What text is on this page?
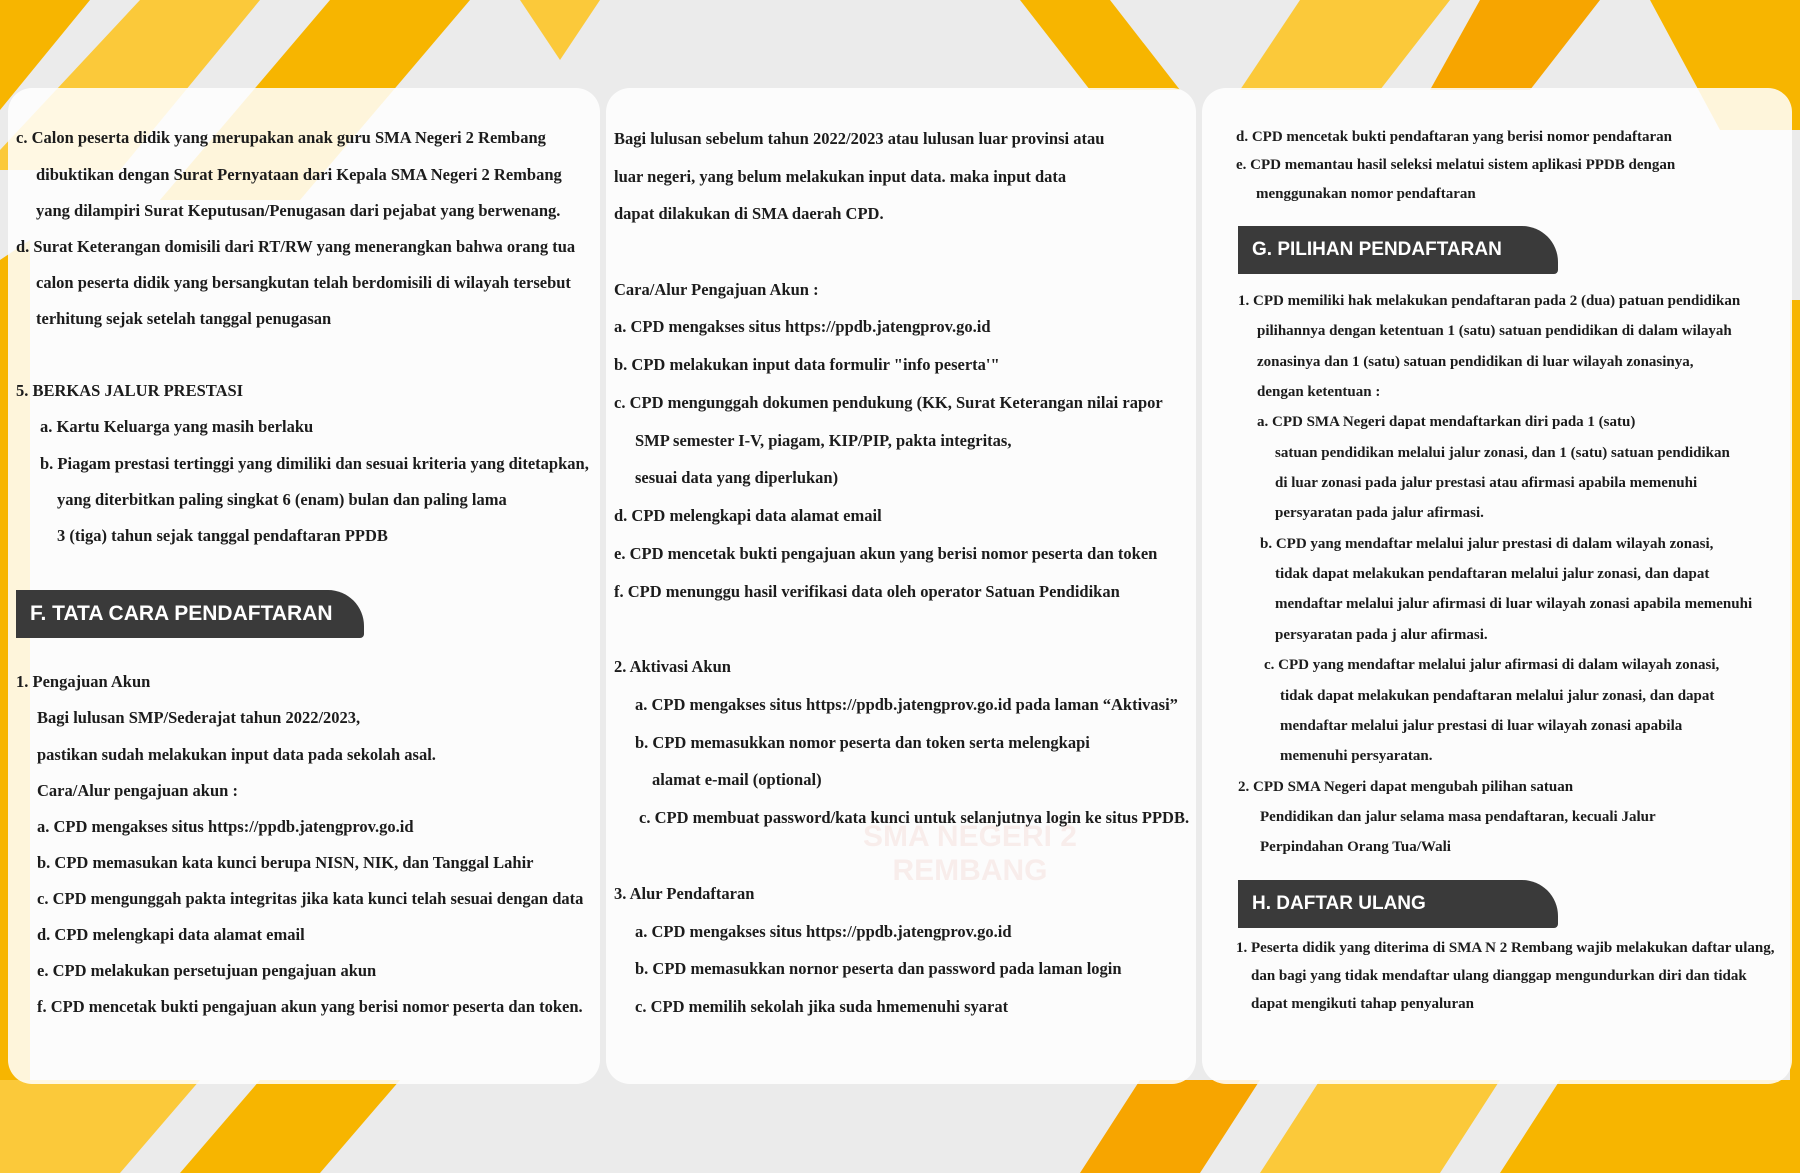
SMA NEGERI 2
REMBANG

c. Calon peserta didik yang merupakan anak guru SMA Negeri 2 Rembang

dibuktikan dengan Surat Pernyataan dari Kepala SMA Negeri 2 Rembang

yang dilampiri Surat Keputusan/Penugasan dari pejabat yang berwenang.

d. Surat Keterangan domisili dari RT/RW yang menerangkan bahwa orang tua

calon peserta didik yang bersangkutan telah berdomisili di wilayah tersebut

terhitung sejak setelah tanggal penugasan

5. BERKAS JALUR PRESTASI

a. Kartu Keluarga yang masih berlaku

b. Piagam prestasi tertinggi yang dimiliki dan sesuai kriteria yang ditetapkan,

yang diterbitkan paling singkat 6 (enam) bulan dan paling lama

3 (tiga) tahun sejak tanggal pendaftaran PPDB

F. TATA CARA PENDAFTARAN

1. Pengajuan Akun

Bagi lulusan SMP/Sederajat tahun 2022/2023,

pastikan sudah melakukan input data pada sekolah asal.

Cara/Alur pengajuan akun :

a. CPD mengakses situs https://ppdb.jatengprov.go.id

b. CPD memasukan kata kunci berupa NISN, NIK, dan Tanggal Lahir

c. CPD mengunggah pakta integritas jika kata kunci telah sesuai dengan data

d. CPD melengkapi data alamat email

e. CPD melakukan persetujuan pengajuan akun

f. CPD mencetak bukti pengajuan akun yang berisi nomor peserta dan token.

Bagi lulusan sebelum tahun 2022/2023 atau lulusan luar provinsi atau

luar negeri, yang belum melakukan input data. maka input data

dapat dilakukan di SMA daerah CPD.

Cara/Alur Pengajuan Akun :

a. CPD mengakses situs https://ppdb.jatengprov.go.id

b. CPD melakukan input data formulir "info peserta'"

c. CPD mengunggah dokumen pendukung (KK, Surat Keterangan nilai rapor

SMP semester I-V, piagam, KIP/PIP, pakta integritas,

sesuai data yang diperlukan)

d. CPD melengkapi data alamat email

e. CPD mencetak bukti pengajuan akun yang berisi nomor peserta dan token

f. CPD menunggu hasil verifikasi data oleh operator Satuan Pendidikan

2. Aktivasi Akun

a. CPD mengakses situs https://ppdb.jatengprov.go.id pada laman “Aktivasi”

b. CPD memasukkan nomor peserta dan token serta melengkapi

alamat e-mail (optional)

c. CPD membuat password/kata kunci untuk selanjutnya login ke situs PPDB.

3. Alur Pendaftaran

a. CPD mengakses situs https://ppdb.jatengprov.go.id

b. CPD memasukkan nornor peserta dan password pada laman login

c. CPD memilih sekolah jika suda hmemenuhi syarat

d. CPD mencetak bukti pendaftaran yang berisi nomor pendaftaran

e. CPD memantau hasil seleksi melatui sistem aplikasi PPDB dengan

menggunakan nomor pendaftaran

G. PILIHAN PENDAFTARAN

1. CPD memiliki hak melakukan pendaftaran pada 2 (dua) patuan pendidikan

pilihannya dengan ketentuan 1 (satu) satuan pendidikan di dalam wilayah

zonasinya dan 1 (satu) satuan pendidikan di luar wilayah zonasinya,

dengan ketentuan :

a. CPD SMA Negeri dapat mendaftarkan diri pada 1 (satu)

satuan pendidikan melalui jalur zonasi, dan 1 (satu) satuan pendidikan

di luar zonasi pada jalur prestasi atau afirmasi apabila memenuhi

persyaratan pada jalur afirmasi.

b. CPD yang mendaftar melalui jalur prestasi di dalam wilayah zonasi,

tidak dapat melakukan pendaftaran melalui jalur zonasi, dan dapat

mendaftar melalui jalur afirmasi di luar wilayah zonasi apabila memenuhi

persyaratan pada j alur afirmasi.

c. CPD yang mendaftar melalui jalur afirmasi di dalam wilayah zonasi,

tidak dapat melakukan pendaftaran melalui jalur zonasi, dan dapat

mendaftar melalui jalur prestasi di luar wilayah zonasi apabila

memenuhi persyaratan.

2. CPD SMA Negeri dapat mengubah pilihan satuan

Pendidikan dan jalur selama masa pendaftaran, kecuali Jalur

Perpindahan Orang Tua/Wali

H. DAFTAR ULANG

1. Peserta didik yang diterima di SMA N 2 Rembang wajib melakukan daftar ulang,

dan bagi yang tidak mendaftar ulang dianggap mengundurkan diri dan tidak

dapat mengikuti tahap penyaluran
